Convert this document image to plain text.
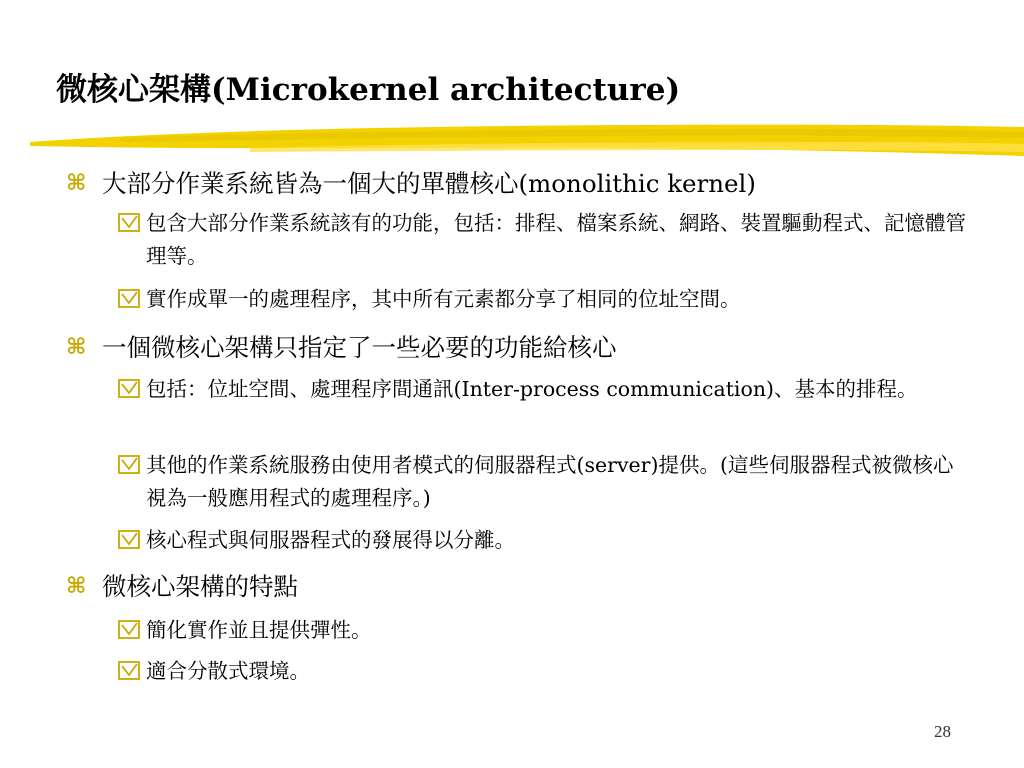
微核心架構(Microkernel architecture)
⌘ 大部分作業系統皆為一個大的單體核心(monolithic kernel)
包含大部分作業系統該有的功能，包括：排程、檔案系統、網路、裝置驅動程式、記憶體管理等。
實作成單一的處理程序，其中所有元素都分享了相同的位址空間。
⌘ 一個微核心架構只指定了一些必要的功能給核心
包括：位址空間、處理程序間通訊(Inter-process communication)、基本的排程。
其他的作業系統服務由使用者模式的伺服器程式(server)提供。(這些伺服器程式被微核心視為一般應用程式的處理程序。)
核心程式與伺服器程式的發展得以分離。
⌘ 微核心架構的特點
簡化實作並且提供彈性。
適合分散式環境。
28
